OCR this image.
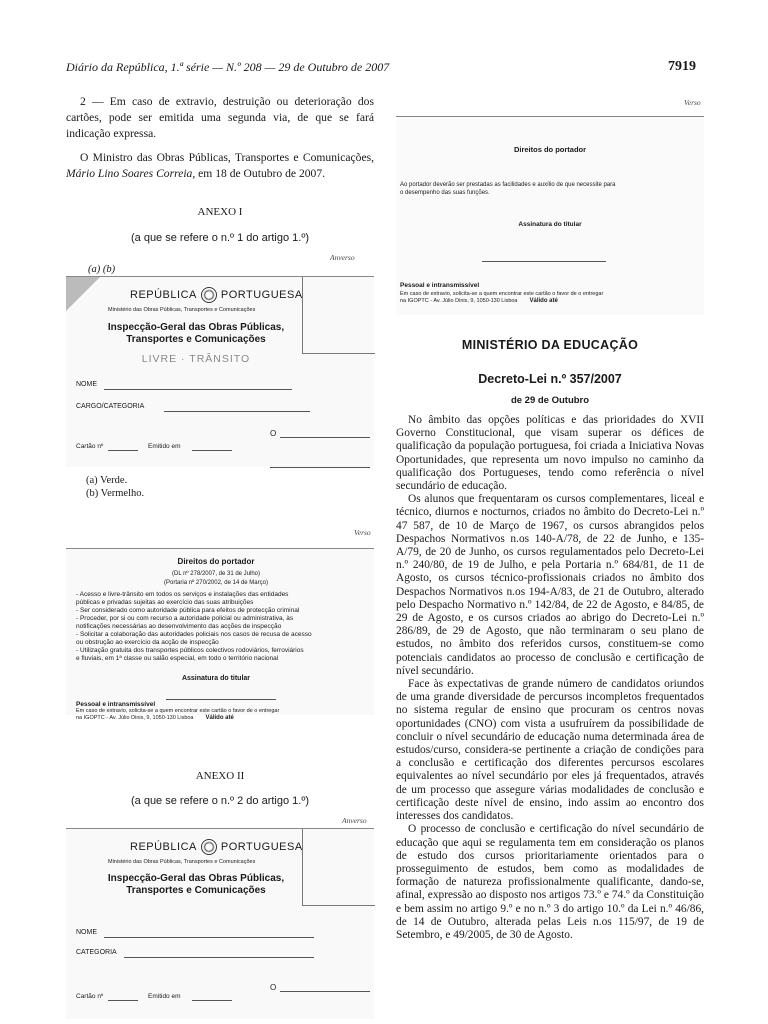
Diário da República, 1.ª série — N.º 208 — 29 de Outubro de 2007	7919
2 — Em caso de extravio, destruição ou deterioração dos cartões, pode ser emitida uma segunda via, de que se fará indicação expressa.
O Ministro das Obras Públicas, Transportes e Comunicações, Mário Lino Soares Correia, em 18 de Outubro de 2007.
ANEXO I
(a que se refere o n.º 1 do artigo 1.º)
Anverso
(a) (b)
REPÚBLICA PORTUGUESA
Ministério das Obras Públicas, Transportes e Comunicações
Inspecção-Geral das Obras Públicas,
Transportes e Comunicações
LIVRE · TRÂNSITO
NOME
CARGO/CATEGORIA
O
Cartão nº	Emitido em
(a) Verde.
(b) Vermelho.
Verso
Direitos do portador
(DL nº 278/2007, de 31 de Julho)
(Portaria nº 270/2002, de 14 de Março)
- Acesso e livre-trânsito em todos os serviços e instalações das entidades
públicas e privadas sujeitas ao exercício das suas atribuições
- Ser considerado como autoridade pública para efeitos de protecção criminal
- Proceder, por si ou com recurso a autoridade policial ou administrativa, às
notificações necessárias ao desenvolvimento das acções de inspecção
- Solicitar a colaboração das autoridades policiais nos casos de recusa de acesso
ou obstrução ao exercício da acção de inspecção
- Utilização gratuita dos transportes públicos colectivos rodoviários, ferroviários
e fluviais, em 1ª classe ou salão especial, em todo o território nacional
Assinatura do titular
Pessoal e intransmissível
Em caso de extravio, solicita-se a quem encontrar este cartão o favor de o entregar
na IGOPTC - Av. Júlio Dinis, 9, 1050-130 Lisboa Válido até
ANEXO II
(a que se refere o n.º 2 do artigo 1.º)
Anverso
REPÚBLICA PORTUGUESA
Ministério das Obras Públicas, Transportes e Comunicações
Inspecção-Geral das Obras Públicas,
Transportes e Comunicações
NOME
CATEGORIA
O
Cartão nº	Emitido em
Verso
Direitos do portador
Ao portador deverão ser prestadas as facilidades e auxílio de que necessite para
o desempenho das suas funções.
Assinatura do titular
Pessoal e intransmissível
Em caso de extravio, solicita-se a quem encontrar este cartão o favor de o entregar
na IGOPTC - Av. Júlio Dinis, 9, 1050-130 Lisboa Válido até
MINISTÉRIO DA EDUCAÇÃO
Decreto-Lei n.º 357/2007
de 29 de Outubro

No âmbito das opções políticas e das prioridades do XVII Governo Constitucional, que visam superar os défices de qualificação da população portuguesa, foi criada a Iniciativa Novas Oportunidades, que representa um novo impulso no caminho da qualificação dos Portugueses, tendo como referência o nível secundário de educação.

Os alunos que frequentaram os cursos complementares, liceal e técnico, diurnos e nocturnos, criados no âmbito do Decreto-Lei n.º 47 587, de 10 de Março de 1967, os cursos abrangidos pelos Despachos Normativos n.os 140-A/78, de 22 de Junho, e 135-A/79, de 20 de Junho, os cursos regulamentados pelo Decreto-Lei n.º 240/80, de 19 de Julho, e pela Portaria n.º 684/81, de 11 de Agosto, os cursos técnico-profissionais criados no âmbito dos Despachos Normativos n.os 194-A/83, de 21 de Outubro, alterado pelo Despacho Normativo n.º 142/84, de 22 de Agosto, e 84/85, de 29 de Agosto, e os cursos criados ao abrigo do Decreto-Lei n.º 286/89, de 29 de Agosto, que não terminaram o seu plano de estudos, no âmbito dos referidos cursos, constituem-se como potenciais candidatos ao processo de conclusão e certificação de nível secundário.

Face às expectativas de grande número de candidatos oriundos de uma grande diversidade de percursos incompletos frequentados no sistema regular de ensino que procuram os centros novas oportunidades (CNO) com vista a usufruírem da possibilidade de concluir o nível secundário de educação numa determinada área de estudos/curso, considera-se pertinente a criação de condições para a conclusão e certificação dos diferentes percursos escolares equivalentes ao nível secundário por eles já frequentados, através de um processo que assegure várias modalidades de conclusão e certificação deste nível de ensino, indo assim ao encontro dos interesses dos candidatos.

O processo de conclusão e certificação do nível secundário de educação que aqui se regulamenta tem em consideração os planos de estudo dos cursos prioritariamente orientados para o prosseguimento de estudos, bem como as modalidades de formação de natureza profissionalmente qualificante, dando-se, afinal, expressão ao disposto nos artigos 73.º e 74.º da Constituição e bem assim no artigo 9.º e no n.º 3 do artigo 10.º da Lei n.º 46/86, de 14 de Outubro, alterada pelas Leis n.os 115/97, de 19 de Setembro, e 49/2005, de 30 de Agosto.
